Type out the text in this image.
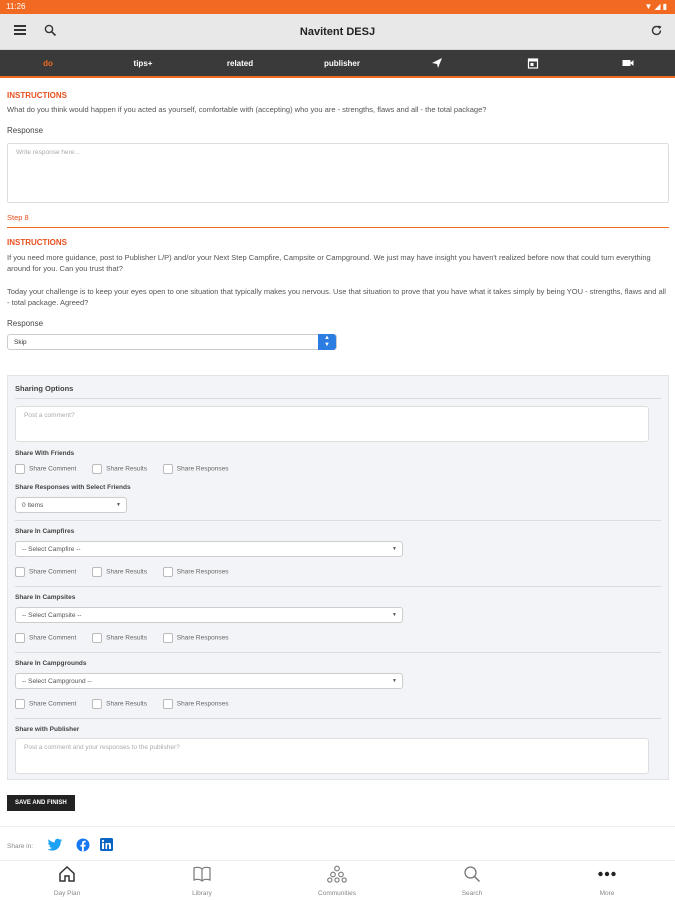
11:26	▼◢▮
Navitent DESJ
do	tips+	related	publisher
INSTRUCTIONS
What do you think would happen if you acted as yourself, comfortable with (accepting) who you are - strengths, flaws and all - the total package?
Response
Write response here...
Step 8
INSTRUCTIONS
If you need more guidance, post to Publisher L/P) and/or your Next Step Campfire, Campsite or Campground. We just may have insight you haven't realized before now that could turn everything around for you. Can you trust that?
Today your challenge is to keep your eyes open to one situation that typically makes you nervous. Use that situation to prove that you have what it takes simply by being YOU - strengths, flaws and all - total package. Agreed?
Response
Skip
▲
▼
Sharing Options
Post a comment?
Share With Friends
Share Comment	Share Results	Share Responses
Share Responses with Select Friends
0 Items	▼
Share In Campfires
-- Select Campfire --	▼
Share Comment	Share Results	Share Responses
Share In Campsites
-- Select Campsite --	▼
Share Comment	Share Results	Share Responses
Share In Campgrounds
-- Select Campground --	▼
Share Comment	Share Results	Share Responses
Share with Publisher
Post a comment and your responses to the publisher?
SAVE AND FINISH
Share in:
Day Plan	Library	Communities	Search	More
